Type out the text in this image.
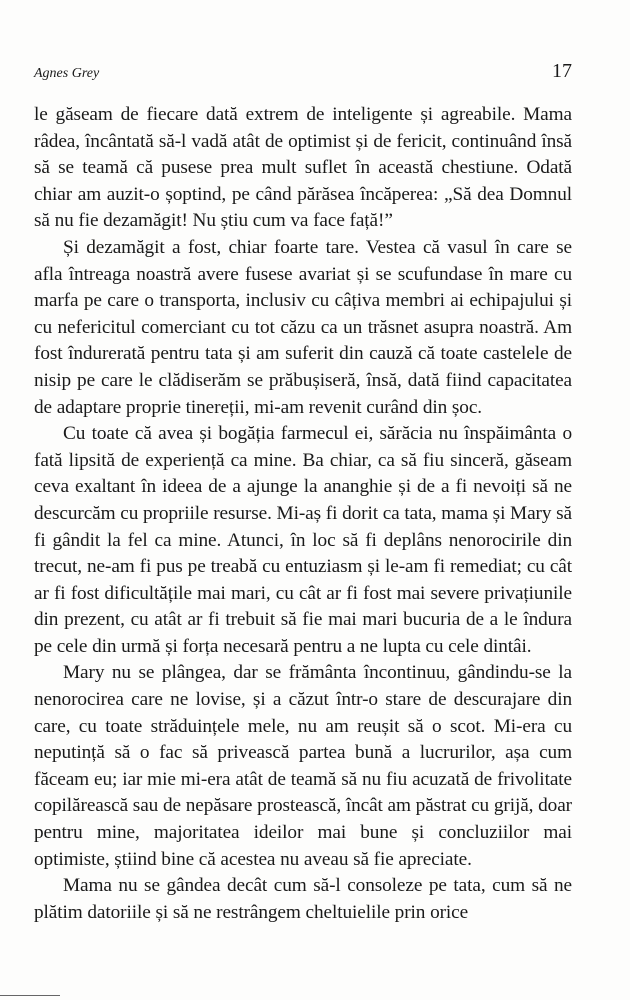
Agnes Grey	17

le găseam de fiecare dată extrem de inteligente și agreabile. Mama râdea, încântată să-l vadă atât de optimist și de fericit, continuând însă să se teamă că pusese prea mult suflet în această chestiune. Odată chiar am auzit-o șoptind, pe când părăsea încăperea: „Să dea Domnul să nu fie dezamăgit! Nu știu cum va face față!”

Și dezamăgit a fost, chiar foarte tare. Vestea că vasul în care se afla întreaga noastră avere fusese avariat și se scufundase în mare cu marfa pe care o transporta, inclusiv cu câțiva membri ai echipajului și cu nefericitul comerciant cu tot căzu ca un trăsnet asupra noastră. Am fost îndurerată pentru tata și am suferit din cauză că toate castelele de nisip pe care le clădiserăm se prăbușiseră, însă, dată fiind capacitatea de adaptare proprie tinereții, mi-am revenit curând din șoc.

Cu toate că avea și bogăția farmecul ei, sărăcia nu înspăimânta o fată lipsită de experiență ca mine. Ba chiar, ca să fiu sinceră, găseam ceva exaltant în ideea de a ajunge la ananghie și de a fi nevoiți să ne descurcăm cu propriile resurse. Mi-aș fi dorit ca tata, mama și Mary să fi gândit la fel ca mine. Atunci, în loc să fi deplâns nenorocirile din trecut, ne-am fi pus pe treabă cu entuziasm și le-am fi remediat; cu cât ar fi fost dificultățile mai mari, cu cât ar fi fost mai severe privațiunile din prezent, cu atât ar fi trebuit să fie mai mari bucuria de a le îndura pe cele din urmă și forța necesară pentru a ne lupta cu cele dintâi.

Mary nu se plângea, dar se frământa încontinuu, gândindu-se la nenorocirea care ne lovise, și a căzut într-o stare de descurajare din care, cu toate străduințele mele, nu am reușit să o scot. Mi-era cu neputință să o fac să privească partea bună a lucrurilor, așa cum făceam eu; iar mie mi-era atât de teamă să nu fiu acuzată de frivolitate copilărească sau de nepăsare prostească, încât am păstrat cu grijă, doar pentru mine, majoritatea ideilor mai bune și concluziilor mai optimiste, știind bine că acestea nu aveau să fie apreciate.

Mama nu se gândea decât cum să-l consoleze pe tata, cum să ne plătim datoriile și să ne restrângem cheltuielile prin orice
